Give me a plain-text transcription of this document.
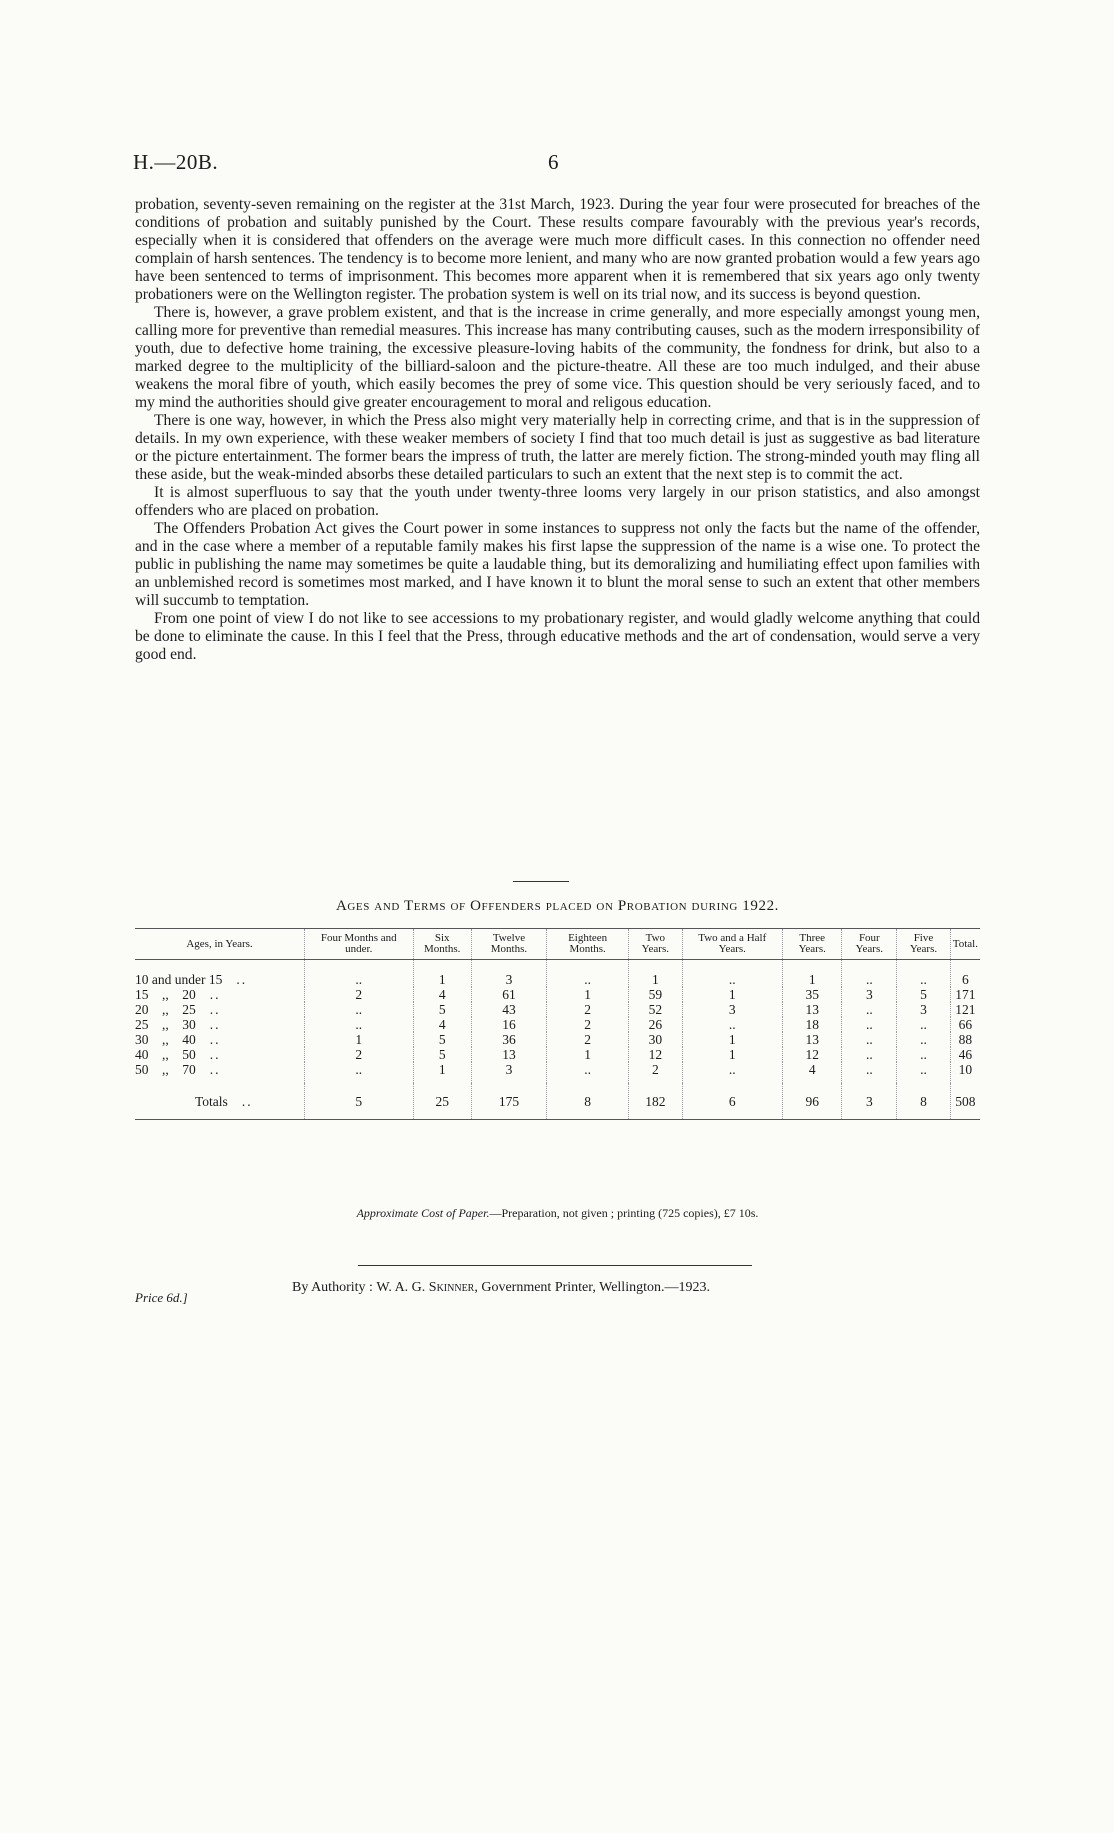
H.—20B.	6

probation, seventy-seven remaining on the register at the 31st March, 1923. During the year four were prosecuted for breaches of the conditions of probation and suitably punished by the Court. These results compare favourably with the previous year's records, especially when it is considered that offenders on the average were much more difficult cases. In this connection no offender need complain of harsh sentences. The tendency is to become more lenient, and many who are now granted probation would a few years ago have been sentenced to terms of imprisonment. This becomes more apparent when it is remembered that six years ago only twenty probationers were on the Wellington register. The probation system is well on its trial now, and its success is beyond question.

There is, however, a grave problem existent, and that is the increase in crime generally, and more especially amongst young men, calling more for preventive than remedial measures. This increase has many contributing causes, such as the modern irresponsibility of youth, due to defective home training, the excessive pleasure-loving habits of the community, the fondness for drink, but also to a marked degree to the multiplicity of the billiard-saloon and the picture-theatre. All these are too much indulged, and their abuse weakens the moral fibre of youth, which easily becomes the prey of some vice. This question should be very seriously faced, and to my mind the authorities should give greater encouragement to moral and religous education.

There is one way, however, in which the Press also might very materially help in correcting crime, and that is in the suppression of details. In my own experience, with these weaker members of society I find that too much detail is just as suggestive as bad literature or the picture entertainment. The former bears the impress of truth, the latter are merely fiction. The strong-minded youth may fling all these aside, but the weak-minded absorbs these detailed particulars to such an extent that the next step is to commit the act.

It is almost superfluous to say that the youth under twenty-three looms very largely in our prison statistics, and also amongst offenders who are placed on probation.

The Offenders Probation Act gives the Court power in some instances to suppress not only the facts but the name of the offender, and in the case where a member of a reputable family makes his first lapse the suppression of the name is a wise one. To protect the public in publishing the name may sometimes be quite a laudable thing, but its demoralizing and humiliating effect upon families with an unblemished record is sometimes most marked, and I have known it to blunt the moral sense to such an extent that other members will succumb to temptation.

From one point of view I do not like to see accessions to my probationary register, and would gladly welcome anything that could be done to eliminate the cause. In this I feel that the Press, through educative methods and the art of condensation, would serve a very good end.

Ages and Terms of Offenders placed on Probation during 1922.
Ages, in Years.	Four Months and under.	Six Months.	Twelve Months.	Eighteen Months.	Two Years.	Two and a Half Years.	Three Years.	Four Years.	Five Years.	Total.
10 and under 15 ..	..	1	3	..	1	..	1	..	..	6
15    ,,    20 ..	2	4	61	1	59	1	35	3	5	171
20    ,,    25 ..	..	5	43	2	52	3	13	..	3	121
25    ,,    30 ..	..	4	16	2	26	..	18	..	..	66
30    ,,    40 ..	1	5	36	2	30	1	13	..	..	88
40    ,,    50 ..	2	5	13	1	12	1	12	..	..	46
50    ,,    70 ..	..	1	3	..	2	..	4	..	..	10
Totals ..	5	25	175	8	182	6	96	3	8	508
Approximate Cost of Paper.—Preparation, not given ; printing (725 copies), £7 10s.
Price 6d.]
By Authority : W. A. G. Skinner, Government Printer, Wellington.—1923.
